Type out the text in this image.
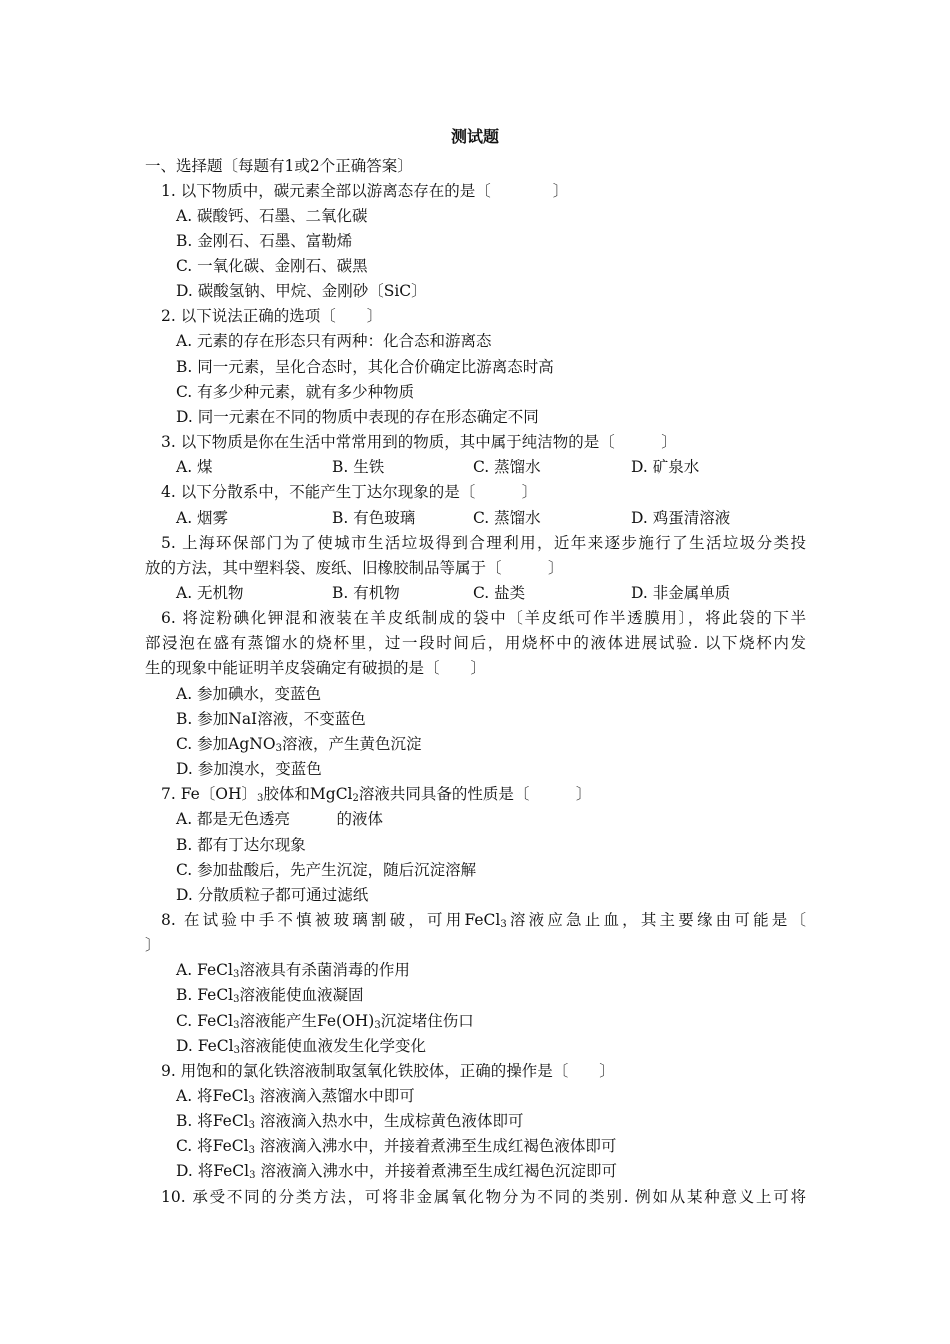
测试题
一、选择题〔每题有1或2个正确答案〕
1. 以下物质中，碳元素全部以游离态存在的是〔　　　　〕
A. 碳酸钙、石墨、二氧化碳
B. 金刚石、石墨、富勒烯
C. 一氧化碳、金刚石、碳黑
D. 碳酸氢钠、甲烷、金刚砂〔SiC〕
2. 以下说法正确的选项〔　　〕
A. 元素的存在形态只有两种：化合态和游离态
B. 同一元素，呈化合态时，其化合价确定比游离态时高
C. 有多少种元素，就有多少种物质
D. 同一元素在不同的物质中表现的存在形态确定不同
3. 以下物质是你在生活中常常用到的物质，其中属于纯洁物的是〔　　　〕
A. 煤	B. 生铁	C. 蒸馏水	D. 矿泉水
4. 以下分散系中，不能产生丁达尔现象的是〔　　　〕
A. 烟雾	B. 有色玻璃	C. 蒸馏水	D. 鸡蛋清溶液
5. 上海环保部门为了使城市生活垃圾得到合理利用，近年来逐步施行了生活垃圾分类投
放的方法，其中塑料袋、废纸、旧橡胶制品等属于〔　　　〕
A. 无机物	B. 有机物	C. 盐类	D. 非金属单质
6. 将淀粉碘化钾混和液装在羊皮纸制成的袋中〔羊皮纸可作半透膜用〕，将此袋的下半
部浸泡在盛有蒸馏水的烧杯里，过一段时间后，用烧杯中的液体进展试验. 以下烧杯内发
生的现象中能证明羊皮袋确定有破损的是〔　　〕
A. 参加碘水，变蓝色
B. 参加NaI溶液，不变蓝色
C. 参加AgNO$_3$溶液，产生黄色沉淀
D. 参加溴水，变蓝色
7. Fe〔OH〕$_3$胶体和MgCl$_2$溶液共同具备的性质是〔　　　〕
A. 都是无色透亮　　　的液体
B. 都有丁达尔现象
C. 参加盐酸后，先产生沉淀，随后沉淀溶解
D. 分散质粒子都可通过滤纸
8. 在试验中手不慎被玻璃割破，可用FeCl$_3$溶液应急止血，其主要缘由可能是〔
〕
A. FeCl$_3$溶液具有杀菌消毒的作用
B. FeCl$_3$溶液能使血液凝固
C. FeCl$_3$溶液能产生$Fe(OH)_3$沉淀堵住伤口
D. FeCl$_3$溶液能使血液发生化学变化
9. 用饱和的氯化铁溶液制取氢氧化铁胶体，正确的操作是〔　　〕
A. 将FeCl$_3$ 溶液滴入蒸馏水中即可
B. 将FeCl$_3$ 溶液滴入热水中，生成棕黄色液体即可
C. 将FeCl$_3$ 溶液滴入沸水中，并接着煮沸至生成红褐色液体即可
D. 将FeCl$_3$ 溶液滴入沸水中，并接着煮沸至生成红褐色沉淀即可
10. 承受不同的分类方法，可将非金属氧化物分为不同的类别. 例如从某种意义上可将
